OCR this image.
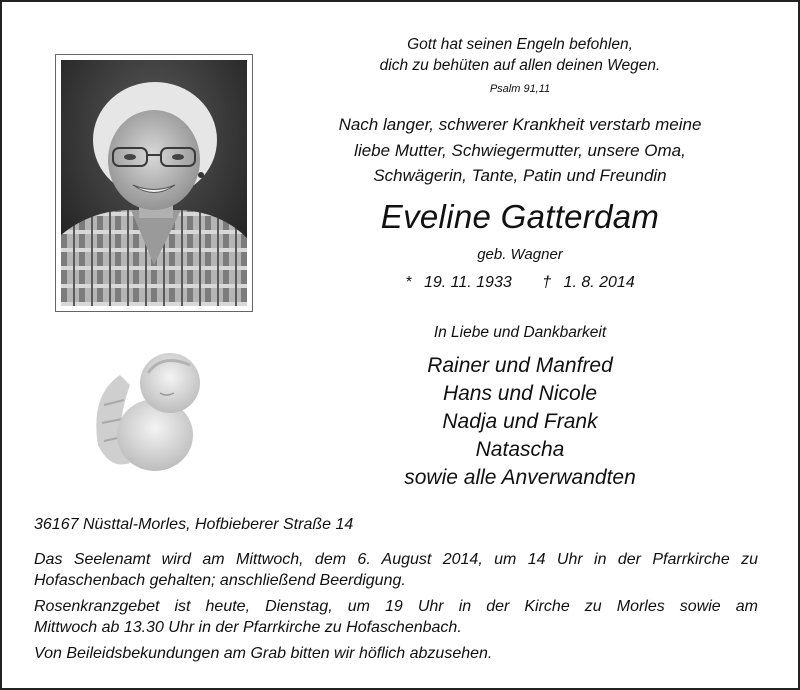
Gott hat seinen Engeln befohlen,
dich zu behüten auf allen deinen Wegen.
Psalm 91,11
Nach langer, schwerer Krankheit verstarb meine
liebe Mutter, Schwiegermutter, unsere Oma,
Schwägerin, Tante, Patin und Freundin
Eveline Gatterdam
geb. Wagner
* 19. 11. 1933 † 1. 8. 2014
In Liebe und Dankbarkeit
Rainer und Manfred
Hans und Nicole
Nadja und Frank
Natascha
sowie alle Anverwandten
36167 Nüsttal-Morles, Hofbieberer Straße 14
Das Seelenamt wird am Mittwoch, dem 6. August 2014, um 14 Uhr in der Pfarrkirche zu
Hofaschenbach gehalten; anschließend Beerdigung.
Rosenkranzgebet ist heute, Dienstag, um 19 Uhr in der Kirche zu Morles sowie am
Mittwoch ab 13.30 Uhr in der Pfarrkirche zu Hofaschenbach.
Von Beileidsbekundungen am Grab bitten wir höflich abzusehen.
